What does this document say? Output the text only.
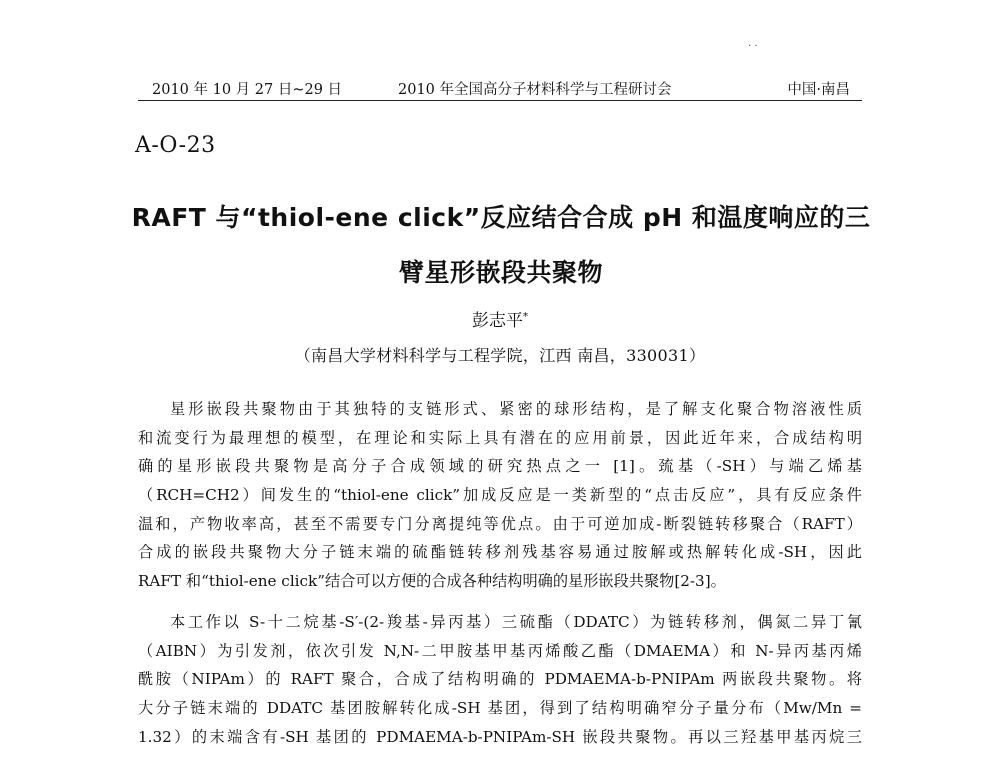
. .
2010 年 10 月 27 日~29 日	2010 年全国高分子材料科学与工程研讨会	中国·南昌
A-O-23
RAFT 与“thiol-ene click”反应结合合成 pH 和温度响应的三
臂星形嵌段共聚物
彭志平*
（南昌大学材料科学与工程学院，江西 南昌，330031）
星形嵌段共聚物由于其独特的支链形式、紧密的球形结构，是了解支化聚合物溶液性质
和流变行为最理想的模型，在理论和实际上具有潜在的应用前景，因此近年来，合成结构明
确的星形嵌段共聚物是高分子合成领域的研究热点之一 [1]。巯基（-SH）与端乙烯基
（RCH=CH2）间发生的“thiol-ene click”加成反应是一类新型的“点击反应”，具有反应条件
温和，产物收率高，甚至不需要专门分离提纯等优点。由于可逆加成-断裂链转移聚合（RAFT）
合成的嵌段共聚物大分子链末端的硫酯链转移剂残基容易通过胺解或热解转化成-SH，因此
RAFT 和“thiol-ene click”结合可以方便的合成各种结构明确的星形嵌段共聚物[2-3]。
本工作以 S-十二烷基-S′-(2-羧基-异丙基）三硫酯（DDATC）为链转移剂，偶氮二异丁氰
（AIBN）为引发剂，依次引发 N,N-二甲胺基甲基丙烯酸乙酯（DMAEMA）和 N-异丙基丙烯
酰胺（NIPAm）的 RAFT 聚合，合成了结构明确的 PDMAEMA-b-PNIPAm 两嵌段共聚物。将
大分子链末端的 DDATC 基团胺解转化成-SH 基团，得到了结构明确窄分子量分布（Mw/Mn =
1.32）的末端含有-SH 基团的 PDMAEMA-b-PNIPAm-SH 嵌段共聚物。再以三羟基甲基丙烷三
